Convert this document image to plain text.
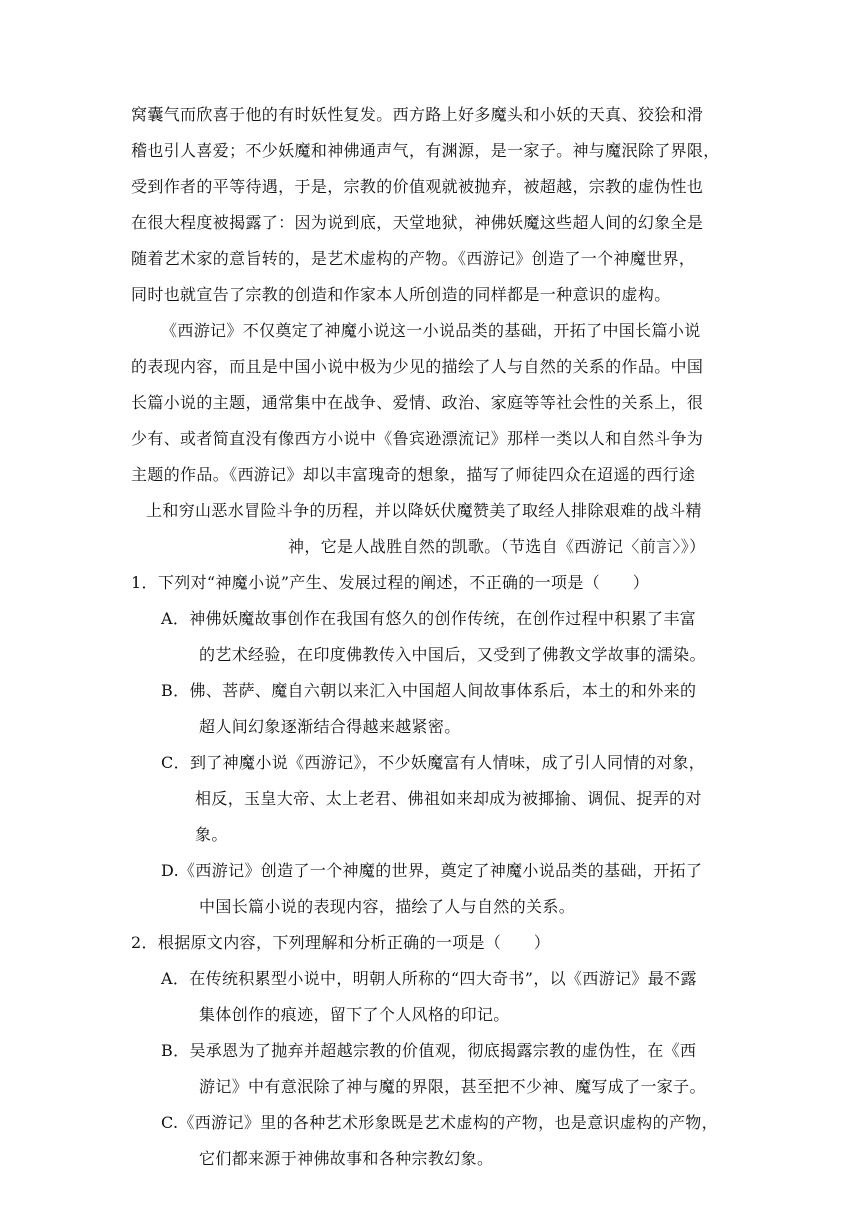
窝囊气而欣喜于他的有时妖性复发。西方路上好多魔头和小妖的天真、狡狯和滑
稽也引人喜爱；不少妖魔和神佛通声气，有渊源，是一家子。神与魔泯除了界限，
受到作者的平等待遇，于是，宗教的价值观就被抛弃，被超越，宗教的虚伪性也
在很大程度被揭露了：因为说到底，天堂地狱，神佛妖魔这些超人间的幻象全是
随着艺术家的意旨转的，是艺术虚构的产物。《西游记》创造了一个神魔世界，
同时也就宣告了宗教的创造和作家本人所创造的同样都是一种意识的虚构。
《西游记》不仅奠定了神魔小说这一小说品类的基础，开拓了中国长篇小说
的表现内容，而且是中国小说中极为少见的描绘了人与自然的关系的作品。中国
长篇小说的主题，通常集中在战争、爱情、政治、家庭等等社会性的关系上，很
少有、或者简直没有像西方小说中《鲁宾逊漂流记》那样一类以人和自然斗争为
主题的作品。《西游记》却以丰富瑰奇的想象，描写了师徒四众在迢遥的西行途
上和穷山恶水冒险斗争的历程，并以降妖伏魔赞美了取经人排除艰难的战斗精
神，它是人战胜自然的凯歌。（节选自《西游记〈前言〉》）
1．下列对“神魔小说”产生、发展过程的阐述，不正确的一项是（　　）
A．神佛妖魔故事创作在我国有悠久的创作传统，在创作过程中积累了丰富
的艺术经验，在印度佛教传入中国后，又受到了佛教文学故事的濡染。
B．佛、菩萨、魔自六朝以来汇入中国超人间故事体系后，本土的和外来的
超人间幻象逐渐结合得越来越紧密。
C．到了神魔小说《西游记》，不少妖魔富有人情味，成了引人同情的对象，
相反，玉皇大帝、太上老君、佛祖如来却成为被揶揄、调侃、捉弄的对
象。
D.《西游记》创造了一个神魔的世界，奠定了神魔小说品类的基础，开拓了
中国长篇小说的表现内容，描绘了人与自然的关系。
2．根据原文内容，下列理解和分析正确的一项是（　　）
A．在传统积累型小说中，明朝人所称的“四大奇书”，以《西游记》最不露
集体创作的痕迹，留下了个人风格的印记。
B．吴承恩为了抛弃并超越宗教的价值观，彻底揭露宗教的虚伪性，在《西
游记》中有意泯除了神与魔的界限，甚至把不少神、魔写成了一家子。
C.《西游记》里的各种艺术形象既是艺术虚构的产物，也是意识虚构的产物，
它们都来源于神佛故事和各种宗教幻象。
